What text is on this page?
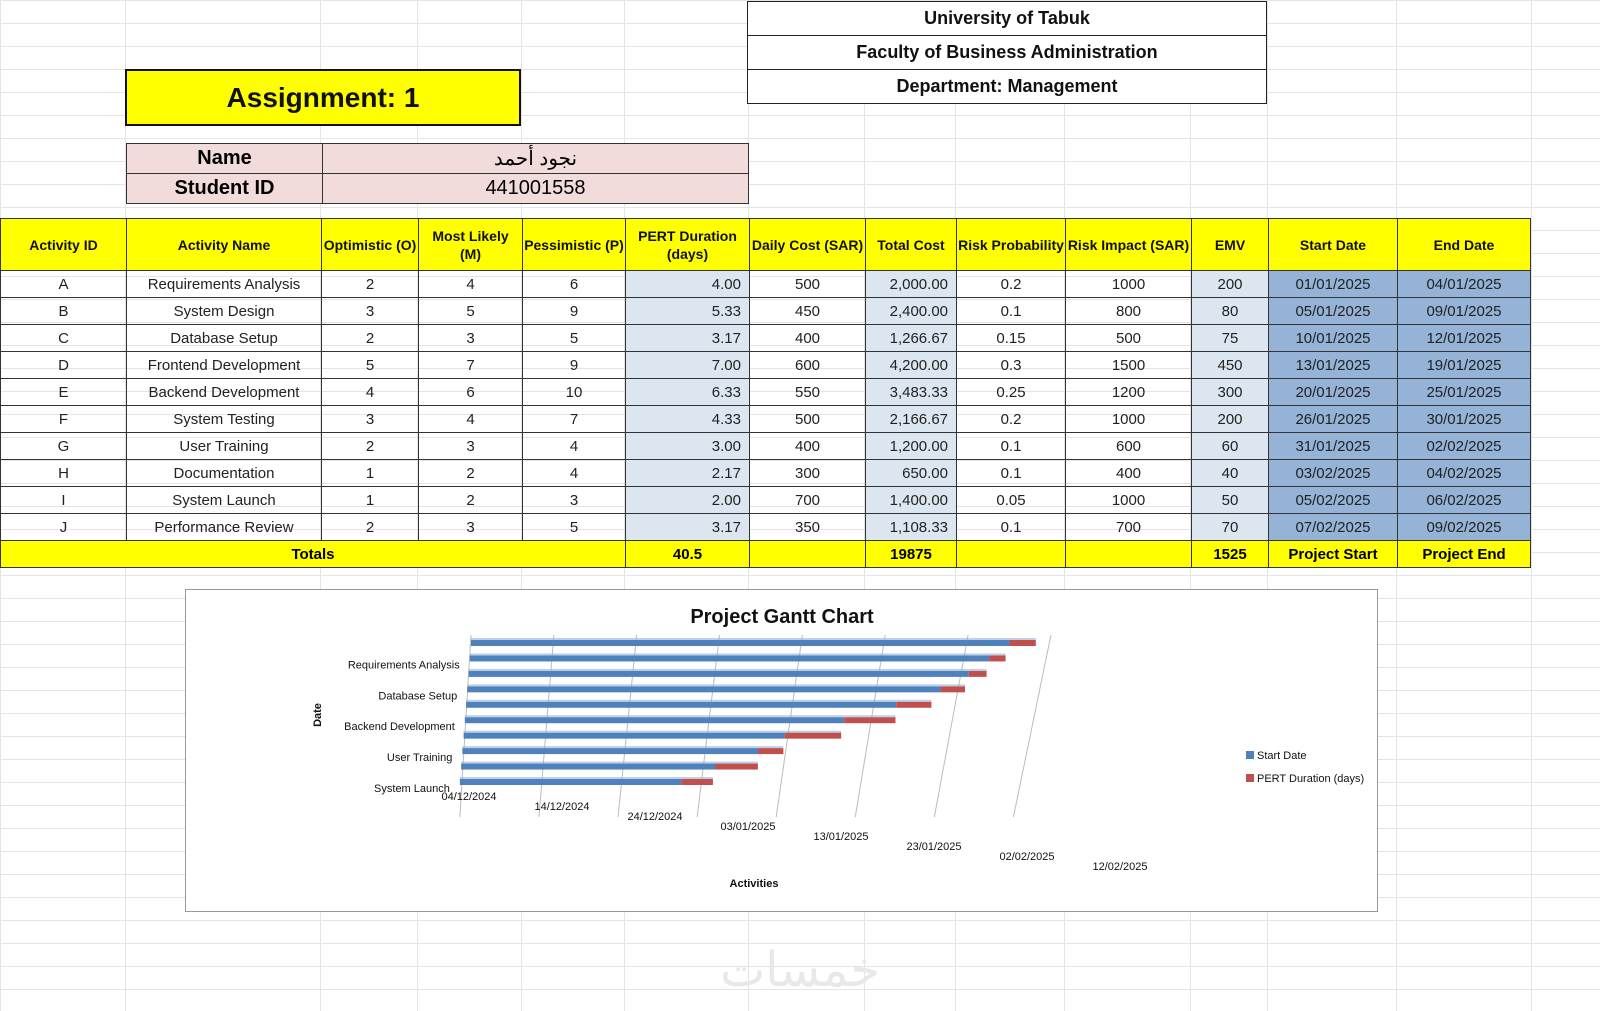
University of Tabuk
Faculty of Business Administration
Department: Management
Assignment: 1
Name	نجود أحمد
Student ID	441001558
Activity ID	Activity Name	Optimistic (O)	Most Likely (M)	Pessimistic (P)	PERT Duration (days)	Daily Cost (SAR)	Total Cost	Risk Probability	Risk Impact (SAR)	EMV	Start Date	End Date
A	Requirements Analysis	2	4	6	4.00	500	2,000.00	0.2	1000	200	01/01/2025	04/01/2025
B	System Design	3	5	9	5.33	450	2,400.00	0.1	800	80	05/01/2025	09/01/2025
C	Database Setup	2	3	5	3.17	400	1,266.67	0.15	500	75	10/01/2025	12/01/2025
D	Frontend Development	5	7	9	7.00	600	4,200.00	0.3	1500	450	13/01/2025	19/01/2025
E	Backend Development	4	6	10	6.33	550	3,483.33	0.25	1200	300	20/01/2025	25/01/2025
F	System Testing	3	4	7	4.33	500	2,166.67	0.2	1000	200	26/01/2025	30/01/2025
G	User Training	2	3	4	3.00	400	1,200.00	0.1	600	60	31/01/2025	02/02/2025
H	Documentation	1	2	4	2.17	300	650.00	0.1	400	40	03/02/2025	04/02/2025
I	System Launch	1	2	3	2.00	700	1,400.00	0.05	1000	50	05/02/2025	06/02/2025
J	Performance Review	2	3	5	3.17	350	1,108.33	0.1	700	70	07/02/2025	09/02/2025
Totals					40.5		19875			1525	Project Start	Project End
Project Gantt Chart
Date
Activities
Requirements Analysis
Database Setup
Backend Development
User Training
System Launch
04/12/2024
14/12/2024
24/12/2024
03/01/2025
13/01/2025
23/01/2025
02/02/2025
12/02/2025
Start Date
PERT Duration (days)
خمسات
